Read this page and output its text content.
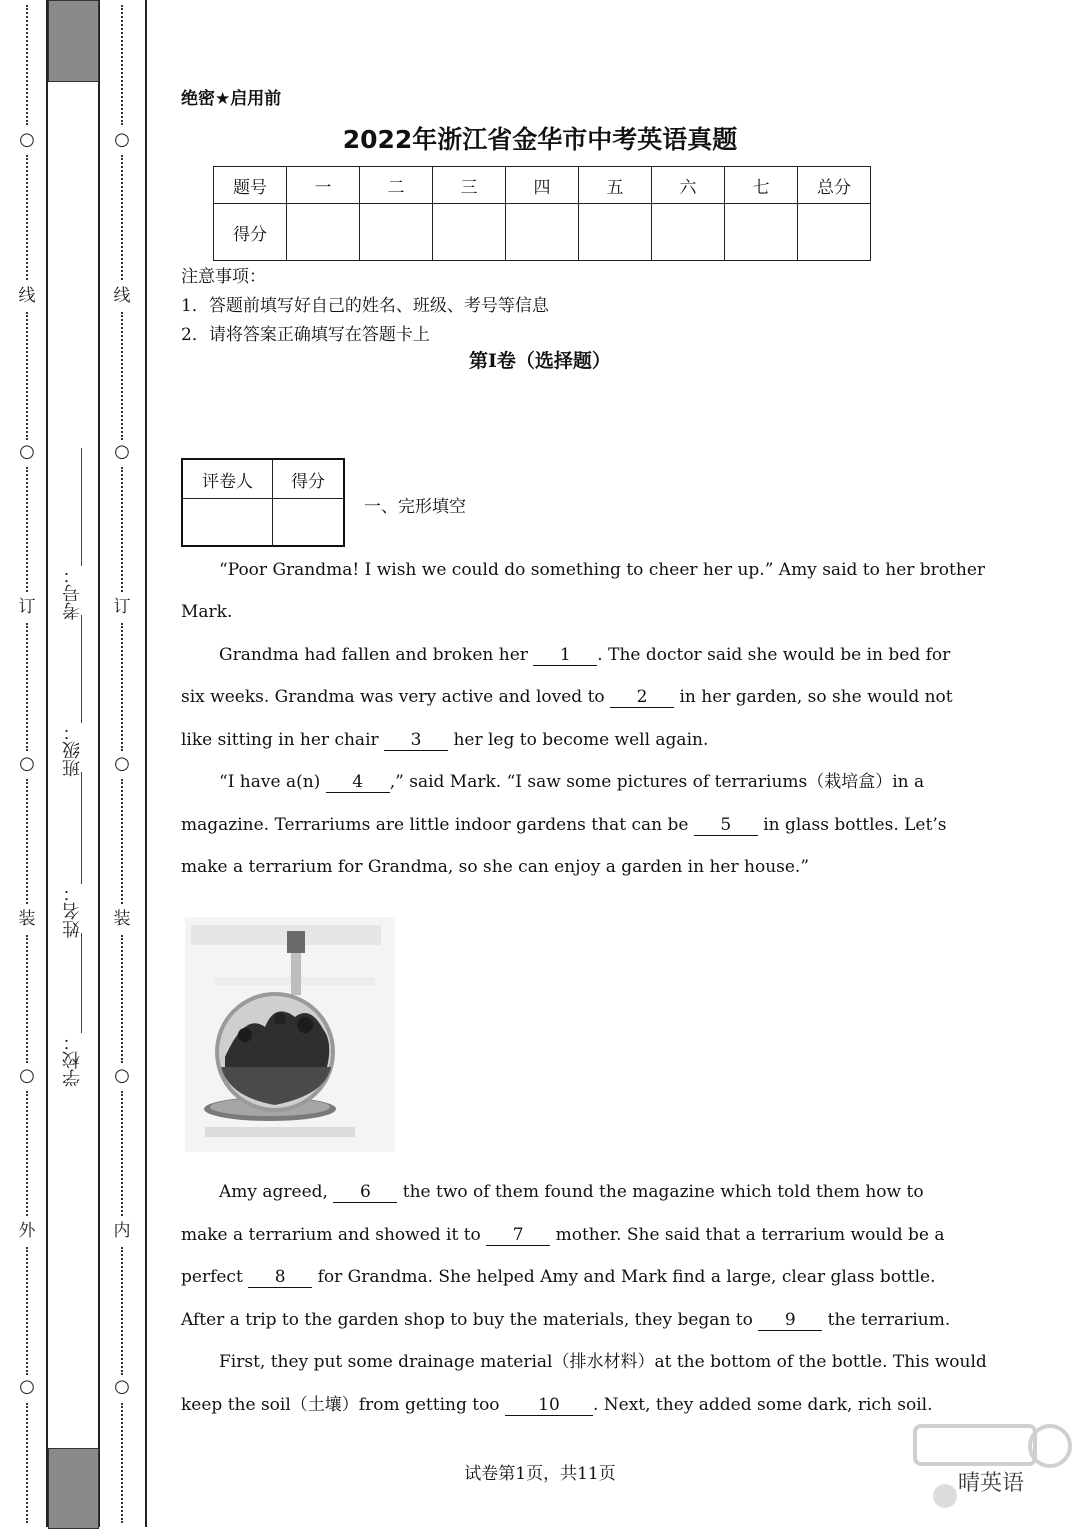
○
线
○
订
○
装
○
外
○
考号：
班级：
姓名：
学校：
○
线
○
订
○
装
○
内
○
绝密★启用前
2022年浙江省金华市中考英语真题
题号	一	二	三	四	五	六	七	总分
得分								
注意事项：
1．答题前填写好自己的姓名、班级、考号等信息
2．请将答案正确填写在答题卡上
第I卷（选择题）
评卷人	得分

一、完形填空
“Poor Grandma! I wish we could do something to cheer her up.” Amy said to her brother
Mark.
Grandma had fallen and broken her 1 . The doctor said she would be in bed for
six weeks. Grandma was very active and loved to 2 in her garden, so she would not
like sitting in her chair 3 her leg to become well again.
“I have a(n) 4 ,” said Mark. “I saw some pictures of terrariums（栽培盒）in a
magazine. Terrariums are little indoor gardens that can be 5 in glass bottles. Let’s
make a terrarium for Grandma, so she can enjoy a garden in her house.”
Amy agreed, 6 the two of them found the magazine which told them how to
make a terrarium and showed it to 7 mother. She said that a terrarium would be a
perfect 8 for Grandma. She helped Amy and Mark find a large, clear glass bottle.
After a trip to the garden shop to buy the materials, they began to 9 the terrarium.
First, they put some drainage material（排水材料）at the bottom of the bottle. This would
keep the soil（土壤）from getting too 10 . Next, they added some dark, rich soil.
试卷第1页，共11页	晴英语
